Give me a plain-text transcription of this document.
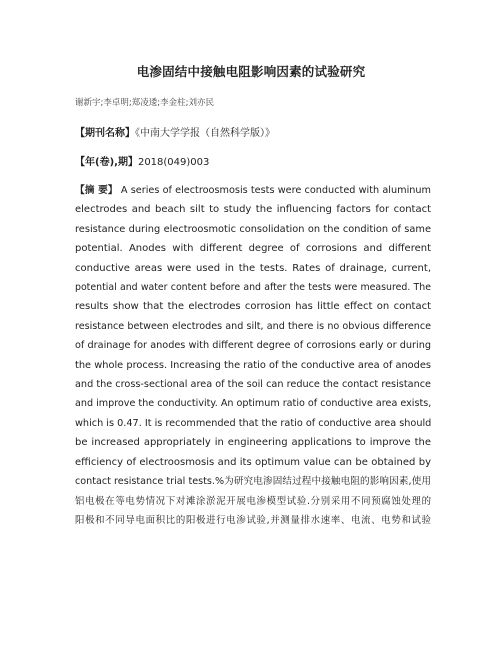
电渗固结中接触电阻影响因素的试验研究
谢新宇;李卓明;郑凌逶;李金柱;刘亦民
【期刊名称】《中南大学学报（自然科学版）》
【年(卷),期】2018(049)003
【摘 要】 A series of electroosmosis tests were conducted with aluminum
electrodes and beach silt to study the influencing factors for contact
resistance during electroosmotic consolidation on the condition of same
potential. Anodes with different degree of corrosions and different
conductive areas were used in the tests. Rates of drainage, current,
potential and water content before and after the tests were measured. The
results show that the electrodes corrosion has little effect on contact
resistance between electrodes and silt, and there is no obvious difference
of drainage for anodes with different degree of corrosions early or during
the whole process. Increasing the ratio of the conductive area of anodes
and the cross-sectional area of the soil can reduce the contact resistance
and improve the conductivity. An optimum ratio of conductive area exists,
which is 0.47. It is recommended that the ratio of conductive area should
be increased appropriately in engineering applications to improve the
efficiency of electroosmosis and its optimum value can be obtained by
contact resistance trial tests.%为研究电渗固结过程中接触电阻的影响因素,使用
铝电极在等电势情况下对滩涂淤泥开展电渗模型试验.分别采用不同预腐蚀处理的
阳极和不同导电面积比的阳极进行电渗试验,并测量排水速率、电流、电势和试验
